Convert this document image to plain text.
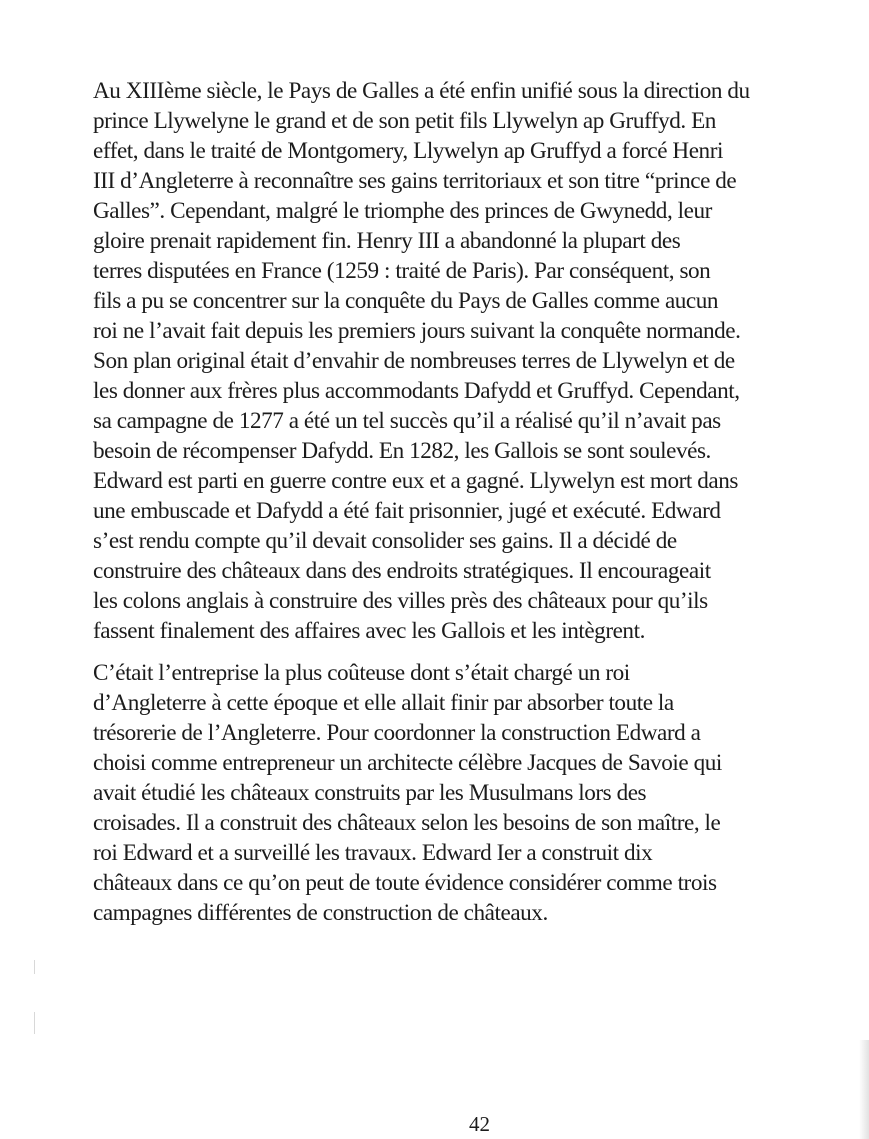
Au XIIIème siècle, le Pays de Galles a été enfin unifié sous la direction du
prince Llywelyne le grand et de son petit fils Llywelyn ap Gruffyd. En
effet, dans le traité de Montgomery, Llywelyn ap Gruffyd a forcé Henri
III d’Angleterre à reconnaître ses gains territoriaux et son titre “prince de
Galles”. Cependant, malgré le triomphe des princes de Gwynedd, leur
gloire prenait rapidement fin. Henry III a abandonné la plupart des
terres disputées en France (1259 : traité de Paris). Par conséquent, son
fils a pu se concentrer sur la conquête du Pays de Galles comme aucun
roi ne l’avait fait depuis les premiers jours suivant la conquête normande.
Son plan original était d’envahir de nombreuses terres de Llywelyn et de
les donner aux frères plus accommodants Dafydd et Gruffyd. Cependant,
sa campagne de 1277 a été un tel succès qu’il a réalisé qu’il n’avait pas
besoin de récompenser Dafydd. En 1282, les Gallois se sont soulevés.
Edward est parti en guerre contre eux et a gagné. Llywelyn est mort dans
une embuscade et Dafydd a été fait prisonnier, jugé et exécuté. Edward
s’est rendu compte qu’il devait consolider ses gains. Il a décidé de
construire des châteaux dans des endroits stratégiques. Il encourageait
les colons anglais à construire des villes près des châteaux pour qu’ils
fassent finalement des affaires avec les Gallois et les intègrent.

C’était l’entreprise la plus coûteuse dont s’était chargé un roi
d’Angleterre à cette époque et elle allait finir par absorber toute la
trésorerie de l’Angleterre. Pour coordonner la construction Edward a
choisi comme entrepreneur un architecte célèbre Jacques de Savoie qui
avait étudié les châteaux construits par les Musulmans lors des
croisades. Il a construit des châteaux selon les besoins de son maître, le
roi Edward et a surveillé les travaux. Edward Ier a construit dix
châteaux dans ce qu’on peut de toute évidence considérer comme trois
campagnes différentes de construction de châteaux.

42
